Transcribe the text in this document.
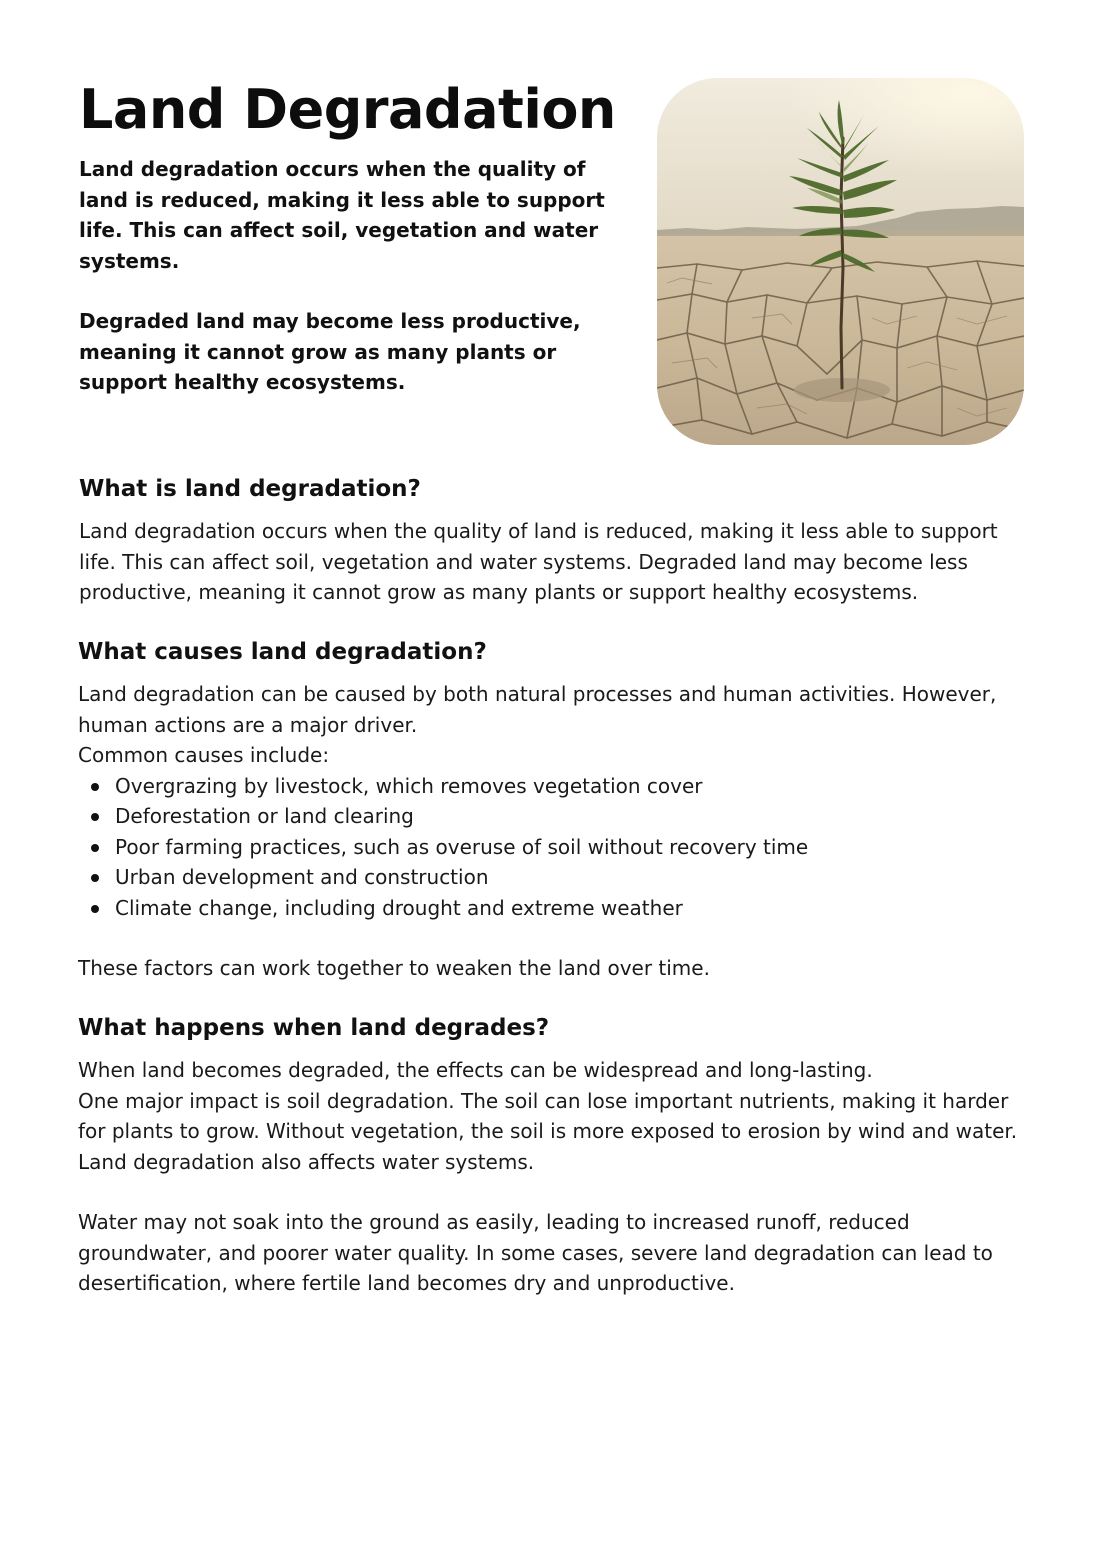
Land Degradation

Land degradation occurs when the quality of land is reduced, making it less able to support life. This can affect soil, vegetation and water systems.

Degraded land may become less productive, meaning it cannot grow as many plants or support healthy ecosystems.

What is land degradation?

Land degradation occurs when the quality of land is reduced, making it less able to support life. This can affect soil, vegetation and water systems. Degraded land may become less productive, meaning it cannot grow as many plants or support healthy ecosystems.

What causes land degradation?

Land degradation can be caused by both natural processes and human activities. However, human actions are a major driver.

Common causes include:

Overgrazing by livestock, which removes vegetation cover
Deforestation or land clearing
Poor farming practices, such as overuse of soil without recovery time
Urban development and construction
Climate change, including drought and extreme weather

These factors can work together to weaken the land over time.

What happens when land degrades?

When land becomes degraded, the effects can be widespread and long-lasting.

One major impact is soil degradation. The soil can lose important nutrients, making it harder for plants to grow. Without vegetation, the soil is more exposed to erosion by wind and water. Land degradation also affects water systems.

Water may not soak into the ground as easily, leading to increased runoff, reduced groundwater, and poorer water quality. In some cases, severe land degradation can lead to desertification, where fertile land becomes dry and unproductive.
